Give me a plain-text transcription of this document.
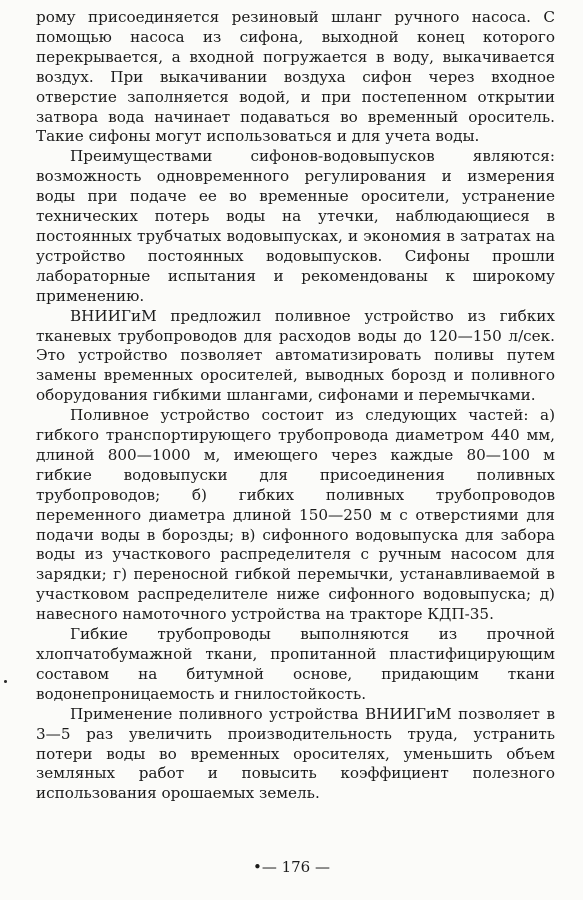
рому присоединяется резиновый шланг ручного насоса. С помощью насоса из сифона, выходной конец которого перекрывается, а входной погружается в воду, выкачивается воздух. При выкачивании воздуха сифон через входное отверстие заполняется водой, и при постепенном открытии затвора вода начинает подаваться во временный ороситель. Такие сифоны могут использоваться и для учета воды.

Преимуществами сифонов-водовыпусков являются: возможность одновременного регулирования и измерения воды при подаче ее во временные оросители, устранение технических потерь воды на утечки, наблюдающиеся в постоянных трубчатых водовыпусках, и экономия в затратах на устройство постоянных водовыпусков. Сифоны прошли лабораторные испытания и рекомендованы к широкому применению.

ВНИИГиМ предложил поливное устройство из гибких тканевых трубопроводов для расходов воды до 120—150 л/сек. Это устройство позволяет автоматизировать поливы путем замены временных оросителей, выводных борозд и поливного оборудования гибкими шлангами, сифонами и перемычками.

Поливное устройство состоит из следующих частей: а) гибкого транспортирующего трубопровода диаметром 440 мм, длиной 800—1000 м, имеющего через каждые 80—100 м гибкие водовыпуски для присоединения поливных трубопроводов; б) гибких поливных трубопроводов переменного диаметра длиной 150—250 м с отверстиями для подачи воды в борозды; в) сифонного водовыпуска для забора воды из участкового распределителя с ручным насосом для зарядки; г) переносной гибкой перемычки, устанавливаемой в участковом распределителе ниже сифонного водовыпуска; д) навесного намоточного устройства на тракторе КДП-35.

Гибкие трубопроводы выполняются из прочной хлопчатобумажной ткани, пропитанной пластифицирующим составом на битумной основе, придающим ткани водонепроницаемость и гнилостойкость.

Применение поливного устройства ВНИИГиМ позволяет в 3—5 раз увеличить производительность труда, устранить потери воды во временных оросителях, уменьшить объем земляных работ и повысить коэффициент полезного использования орошаемых земель.

•— 176 —
